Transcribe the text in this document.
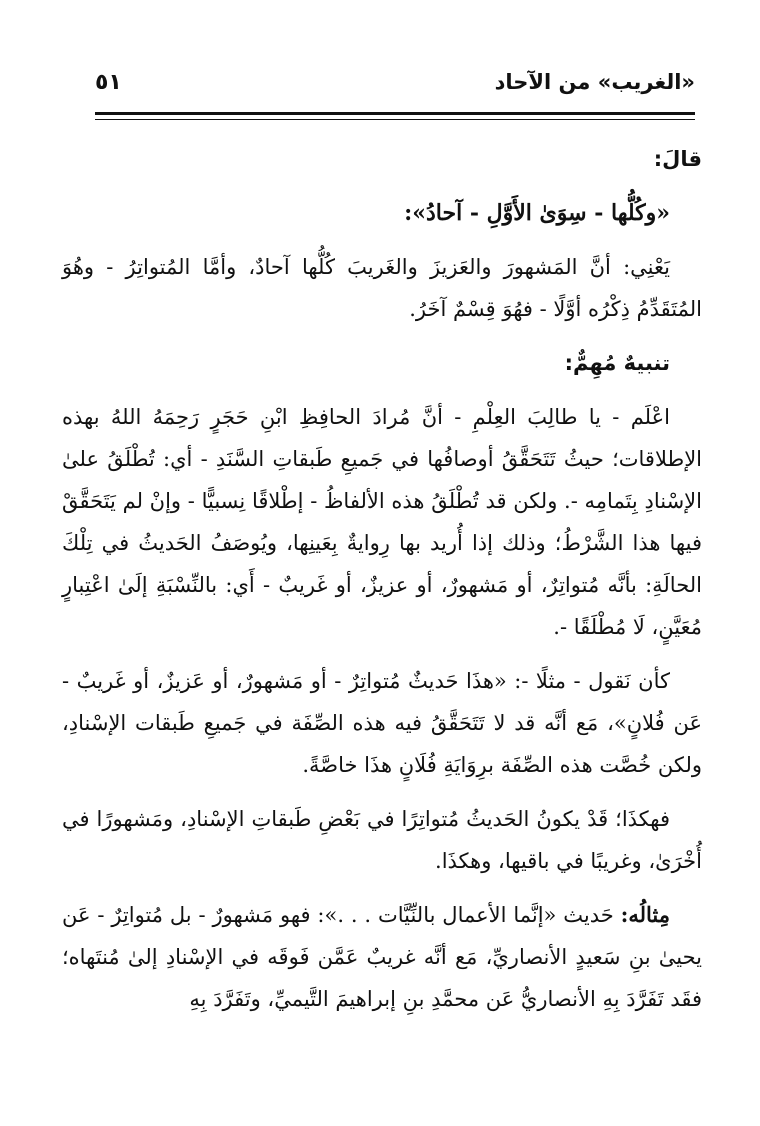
«الغريب» من الآحاد
٥١

قالَ:

«وكُلُّها - سِوَىٰ الأَوَّلِ - آحادُ»:

يَعْنِي: أنَّ المَشهورَ والعَزيزَ والغَريبَ كُلُّها آحادٌ، وأمَّا المُتواتِرُ - وهُوَ المُتَقَدِّمُ ذِكْرُه أوَّلًا - فهُوَ قِسْمٌ آخَرُ.

تنبيهٌ مُهِمٌّ:

اعْلَم - يا طالِبَ العِلْمِ - أنَّ مُرادَ الحافِظِ ابْنِ حَجَرٍ رَحِمَهُ اللهُ بهذه الإطلاقات؛ حيثُ تَتَحَقَّقُ أوصافُها في جَميعِ طَبقاتِ السَّنَدِ - أي: تُطْلَقُ علىٰ الإسْنادِ بِتَمامِه -. ولكن قد تُطْلَقُ هذه الألفاظُ - إطْلاقًا نِسبيًّا - وإنْ لم يَتَحَقَّقْ فيها هذا الشَّرْطُ؛ وذلك إذا أُريد بها رِوايةٌ بِعَينِها، ويُوصَفُ الحَديثُ في تِلْكَ الحالَةِ: بأنَّه مُتواتِرٌ، أو مَشهورٌ، أو عزيزٌ، أو غَريبٌ - أَي: بالنِّسْبَةِ إلَىٰ اعْتِبارٍ مُعَيَّنٍ، لَا مُطْلَقًا -.

كأن نَقول - مثلًا -: «هذَا حَديثٌ مُتواتِرٌ - أو مَشهورٌ، أو عَزيزٌ، أو غَريبٌ - عَن فُلانٍ»، مَع أنَّه قد لا تَتَحَقَّقُ فيه هذه الصِّفَة في جَميعِ طَبقات الإسْنادِ، ولكن خُصَّت هذه الصِّفَة برِوَايَةِ فُلَانٍ هذَا خاصَّةً.

فهكذَا؛ قَدْ يكونُ الحَديثُ مُتواتِرًا في بَعْضِ طَبقاتِ الإسْنادِ، ومَشهورًا في أُخْرَىٰ، وغريبًا في باقيها، وهكذَا.

مِثالُه: حَديث «إنَّما الأعمال بالنِّيَّات . . .»: فهو مَشهورٌ - بل مُتواتِرٌ - عَن يحيىٰ بنِ سَعيدٍ الأنصاريِّ، مَع أنَّه غريبٌ عَمَّن فَوقَه في الإسْنادِ إلىٰ مُنتَهاه؛ فقَد تَفَرَّدَ بِهِ الأنصاريُّ عَن محمَّدِ بنِ إبراهيمَ التَّيميِّ، وتَفَرَّدَ بِهِ
